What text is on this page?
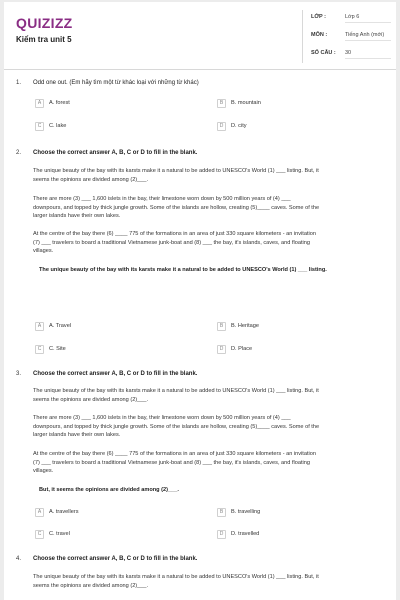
QUIZIZZ
Kiểm tra unit 5
LỚP :	Lớp 6
MÔN :	Tiếng Anh (mới)
SỐ CÂU : 30
1. Odd one out. (Em hãy tìm một từ khác loại với những từ khác)
A	A. forest	B	B. mountain
C	C. lake	D	D. city
2. Choose the correct answer A, B, C or D to fill in the blank.
The unique beauty of the bay with its karsts make it a natural to be added to UNESCO's World (1) ___ listing. But, it
seems the opinions are divided among (2)___.
There are more (3) ___ 1,600 islets in the bay, their limestone worn down by 500 million years of (4) ___
downpours, and topped by thick jungle growth. Some of the islands are hollow, creating (5)____ caves. Some of the
larger islands have their own lakes.
At the centre of the bay there (6) ____ 775 of the formations in an area of just 330 square kilometers - an invitation
(7) ___ travelers to board a traditional Vietnamese junk-boat and (8) ___ the bay, it's islands, caves, and floating
villages.
The unique beauty of the bay with its karsts make it a natural to be added to UNESCO's World (1) ___ listing.
A	A. Travel	B	B. Heritage
C	C. Site	D	D. Place
3. Choose the correct answer A, B, C or D to fill in the blank.
The unique beauty of the bay with its karsts make it a natural to be added to UNESCO's World (1) ___ listing. But, it
seems the opinions are divided among (2)___.
There are more (3) ___ 1,600 islets in the bay, their limestone worn down by 500 million years of (4) ___
downpours, and topped by thick jungle growth. Some of the islands are hollow, creating (5)____ caves. Some of the
larger islands have their own lakes.
At the centre of the bay there (6) ____ 775 of the formations in an area of just 330 square kilometers - an invitation
(7) ___ travelers to board a traditional Vietnamese junk-boat and (8) ___ the bay, it's islands, caves, and floating
villages.
But, it seems the opinions are divided among (2)___.
A	A. travellers	B	B. travelling
C	C. travel	D	D. travelled
4. Choose the correct answer A, B, C or D to fill in the blank.
The unique beauty of the bay with its karsts make it a natural to be added to UNESCO's World (1) ___ listing. But, it
seems the opinions are divided among (2)___.
